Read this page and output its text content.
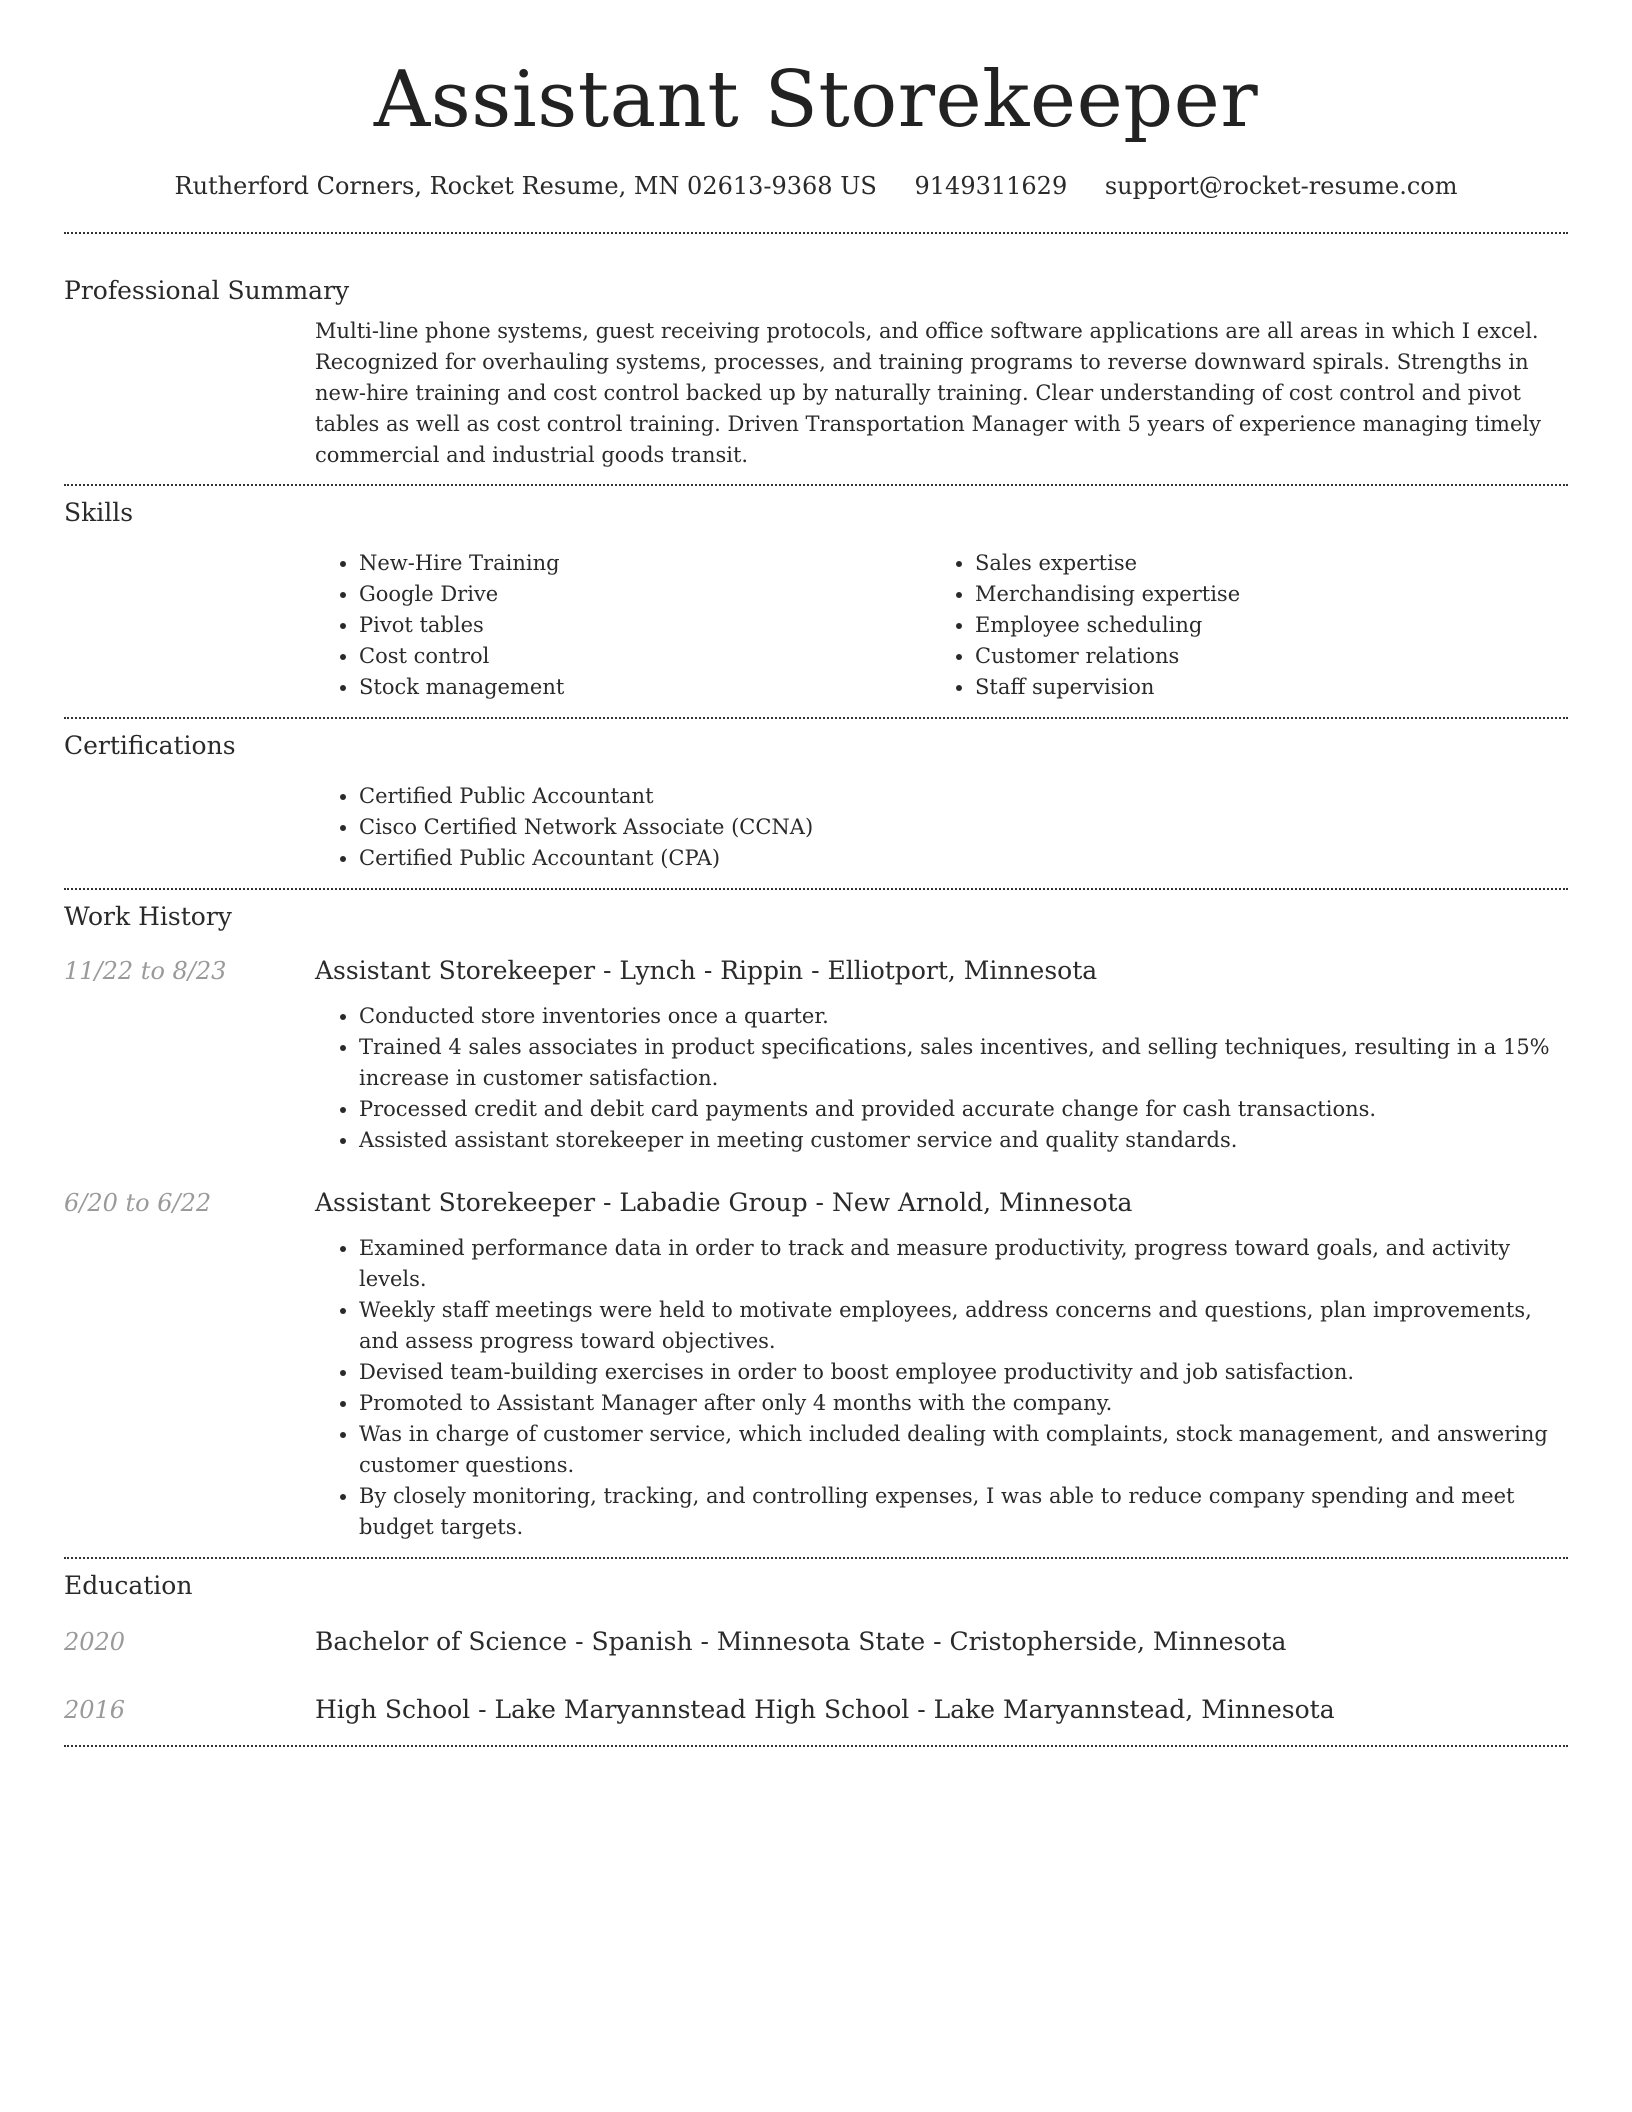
Assistant Storekeeper
Rutherford Corners, Rocket Resume, MN 02613-9368 US 9149311629 support@rocket-resume.com
Professional Summary

Multi-line phone systems, guest receiving protocols, and office software applications are all areas in which I excel. Recognized for overhauling systems, processes, and training programs to reverse downward spirals. Strengths in new-hire training and cost control backed up by naturally training. Clear understanding of cost control and pivot tables as well as cost control training. Driven Transportation Manager with 5 years of experience managing timely commercial and industrial goods transit.

Skills
• New-Hire Training
• Google Drive
• Pivot tables
• Cost control
• Stock management
• Sales expertise
• Merchandising expertise
• Employee scheduling
• Customer relations
• Staff supervision
Certifications
• Certified Public Accountant
• Cisco Certified Network Associate (CCNA)
• Certified Public Accountant (CPA)
Work History
11/22 to 8/23	Assistant Storekeeper - Lynch - Rippin - Elliotport, Minnesota
• Conducted store inventories once a quarter.
• Trained 4 sales associates in product specifications, sales incentives, and selling techniques, resulting in a 15% increase in customer satisfaction.
• Processed credit and debit card payments and provided accurate change for cash transactions.
• Assisted assistant storekeeper in meeting customer service and quality standards.
6/20 to 6/22	Assistant Storekeeper - Labadie Group - New Arnold, Minnesota
• Examined performance data in order to track and measure productivity, progress toward goals, and activity levels.
• Weekly staff meetings were held to motivate employees, address concerns and questions, plan improvements, and assess progress toward objectives.
• Devised team-building exercises in order to boost employee productivity and job satisfaction.
• Promoted to Assistant Manager after only 4 months with the company.
• Was in charge of customer service, which included dealing with complaints, stock management, and answering customer questions.
• By closely monitoring, tracking, and controlling expenses, I was able to reduce company spending and meet budget targets.
Education
2020	Bachelor of Science - Spanish - Minnesota State - Cristopherside, Minnesota
2016	High School - Lake Maryannstead High School - Lake Maryannstead, Minnesota
